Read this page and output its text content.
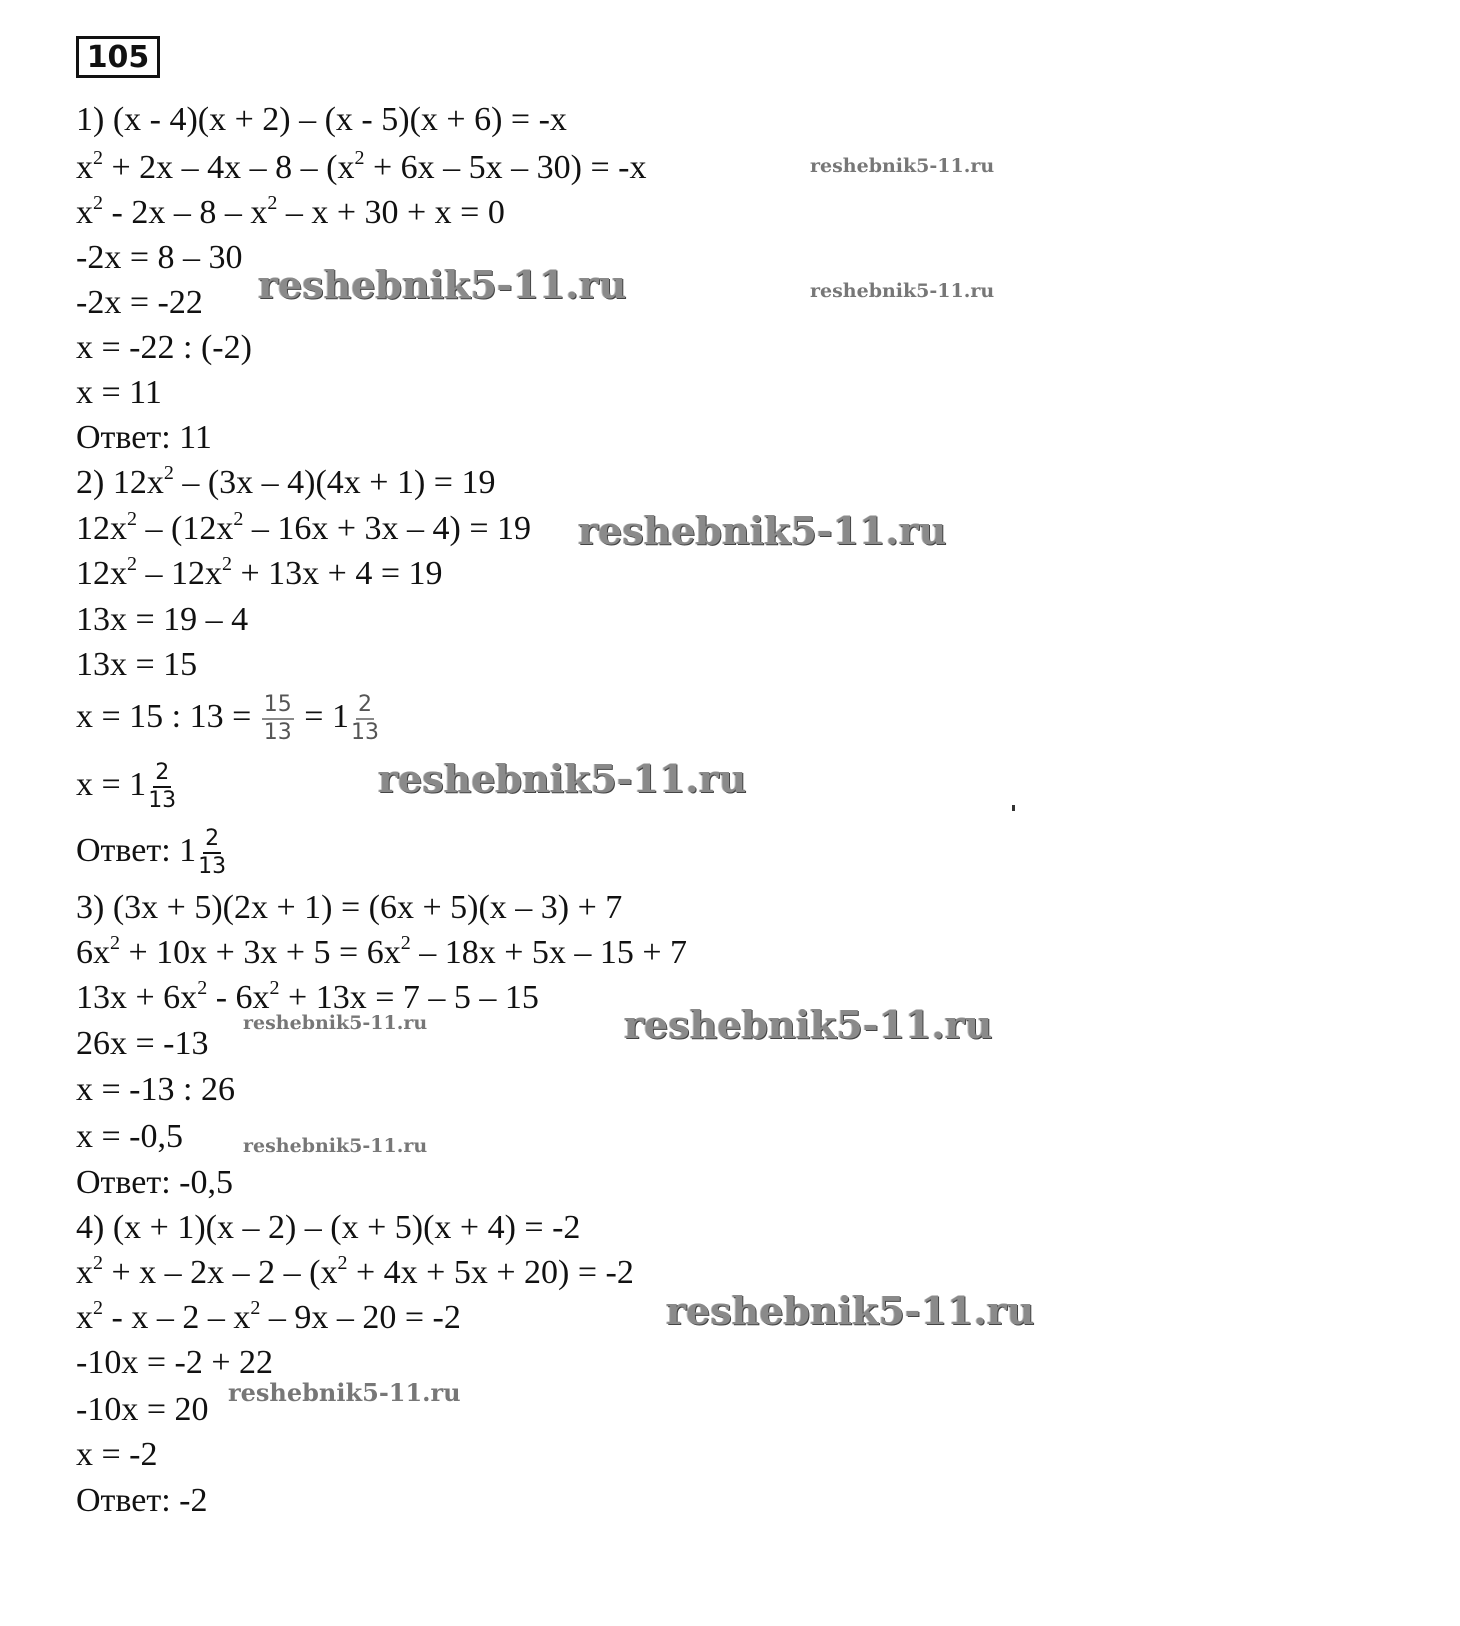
105
1) (x - 4)(x + 2) – (x - 5)(x + 6) = -x
$x^2 + 2x - 4x - 8 - (x^2 + 6x - 5x - 30) = -x$
$x^2 - 2x - 8 - x^2 - x + 30 + x = 0$
-2x = 8 – 30
-2x = -22
x = -22 : (-2)
x = 11
Ответ: 11
2) $12x^2 - (3x - 4)(4x + 1) = 19$
$12x^2 - (12x^2 - 16x + 3x - 4) = 19$
$12x^2 - 12x^2 + 13x + 4 = 19$
13x = 19 – 4
13x = 15
x = 15 : $13 = \frac{15}{13} = 1 \frac{2}{13}$
$x = 1 \frac{2}{13}$
Ответ: $1 \frac{2}{13}$
3) (3x + 5)(2x + 1) = (6x + 5)(x – 3) + 7
$6x^2 + 10x + 3x + 5 = 6x^2 - 18x + 5x - 15 + 7$
$13x + 6x^2 - 6x^2 + 13x = 7 - 5 - 15$
26x = -13
x = -13 : 26
x = -0,5
Ответ: -0,5
4) (x + 1)(x – 2) – (x + 5)(x + 4) = -2
$x^2 + x - 2x - 2 - (x^2 + 4x + 5x + 20) = -2$
$x^2 - x - 2 - x^2 - 9x - 20 = -2$
-10x = -2 + 22
-10x = 20
x = -2
Ответ: -2
reshebnik5-11.ru
reshebnik5-11.ru	reshebnik5-11.ru
reshebnik5-11.ru
reshebnik5-11.ru
reshebnik5-11.ru
reshebnik5-11.ru
reshebnik5-11.ru
reshebnik5-11.ru
reshebnik5-11.ru
